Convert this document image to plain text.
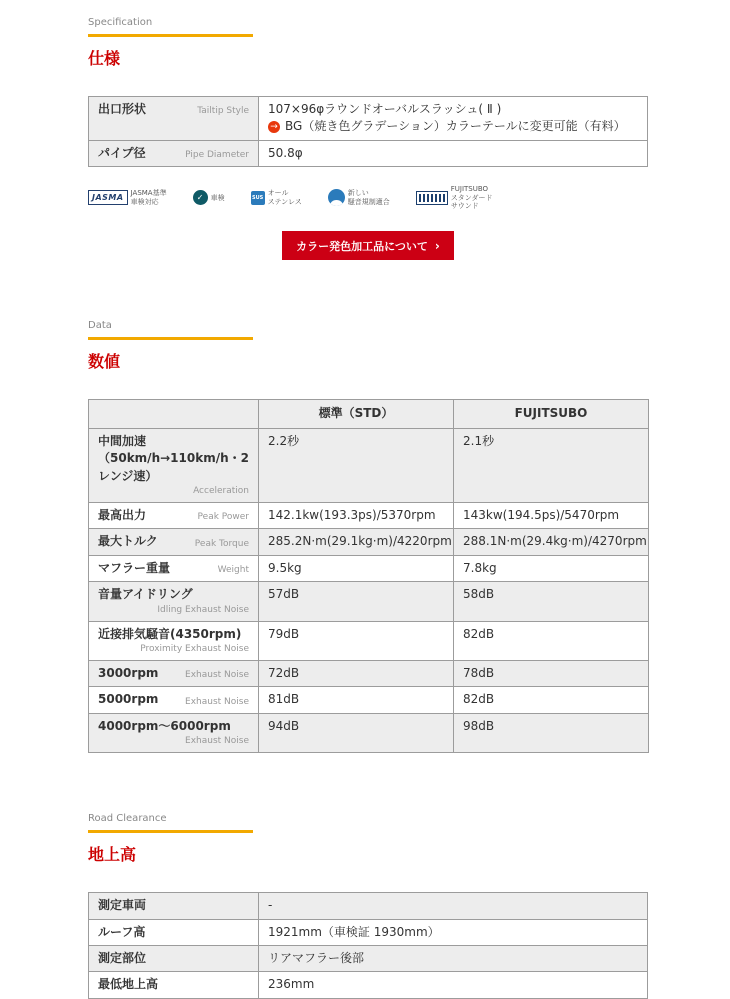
Specification
仕様
出口形状	Tailtip Style	107×96φラウンドオーバルスラッシュ( Ⅱ )
→ BG（焼き色グラデーション）カラーテールに変更可能（有料）

パイプ径 Pipe Diameter	50.8φ
JASMA	JASMA基準
車検対応	✓	車検	SUS
オール
ステンレス
新しい
騒音規制適合
FUJITSUBO
スタンダード
サウンド
カラー発色加工品について ›
Data
数値
	標準（STD）	FUJITSUBO

中間加速（50km/h→110km/h・2レンジ速）
Acceleration	2.2秒	2.1秒

最高出力 Peak Power	142.1kw(193.3ps)/5370rpm	143kw(194.5ps)/5470rpm

最大トルク Peak Torque	285.2N·m(29.1kg·m)/4220rpm	288.1N·m(29.4kg·m)/4270rpm

マフラー重量 Weight	9.5kg	7.8kg

音量アイドリング
Idling Exhaust Noise	57dB	58dB

近接排気騒音(4350rpm)
Proximity Exhaust Noise	79dB	82dB

3000rpm Exhaust Noise	72dB	78dB

5000rpm Exhaust Noise	81dB	82dB

4000rpm～6000rpm
Exhaust Noise	94dB	98dB
Road Clearance
地上高
測定車両	-
ルーフ高	1921mm（車検証 1930mm）
測定部位	リアマフラー後部
最低地上高	236mm
